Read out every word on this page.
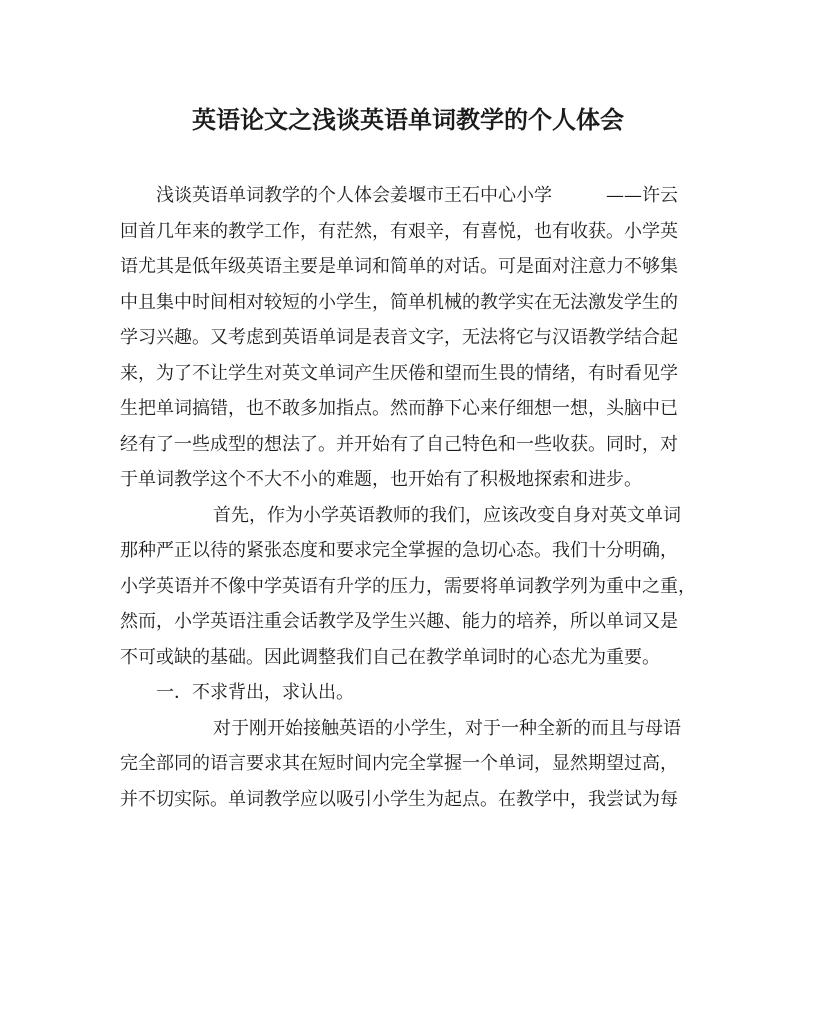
英语论文之浅谈英语单词教学的个人体会
浅谈英语单词教学的个人体会姜堰市王石中心小学　　　——许云
回首几年来的教学工作，有茫然，有艰辛，有喜悦，也有收获。小学英
语尤其是低年级英语主要是单词和简单的对话。可是面对注意力不够集
中且集中时间相对较短的小学生，简单机械的教学实在无法激发学生的
学习兴趣。又考虑到英语单词是表音文字，无法将它与汉语教学结合起
来，为了不让学生对英文单词产生厌倦和望而生畏的情绪，有时看见学
生把单词搞错，也不敢多加指点。然而静下心来仔细想一想，头脑中已
经有了一些成型的想法了。并开始有了自己特色和一些收获。同时，对
于单词教学这个不大不小的难题，也开始有了积极地探索和进步。
首先，作为小学英语教师的我们，应该改变自身对英文单词
那种严正以待的紧张态度和要求完全掌握的急切心态。我们十分明确，
小学英语并不像中学英语有升学的压力，需要将单词教学列为重中之重，
然而，小学英语注重会话教学及学生兴趣、能力的培养，所以单词又是
不可或缺的基础。因此调整我们自己在教学单词时的心态尤为重要。
一．不求背出，求认出。
对于刚开始接触英语的小学生，对于一种全新的而且与母语
完全部同的语言要求其在短时间内完全掌握一个单词，显然期望过高，
并不切实际。单词教学应以吸引小学生为起点。在教学中，我尝试为每
